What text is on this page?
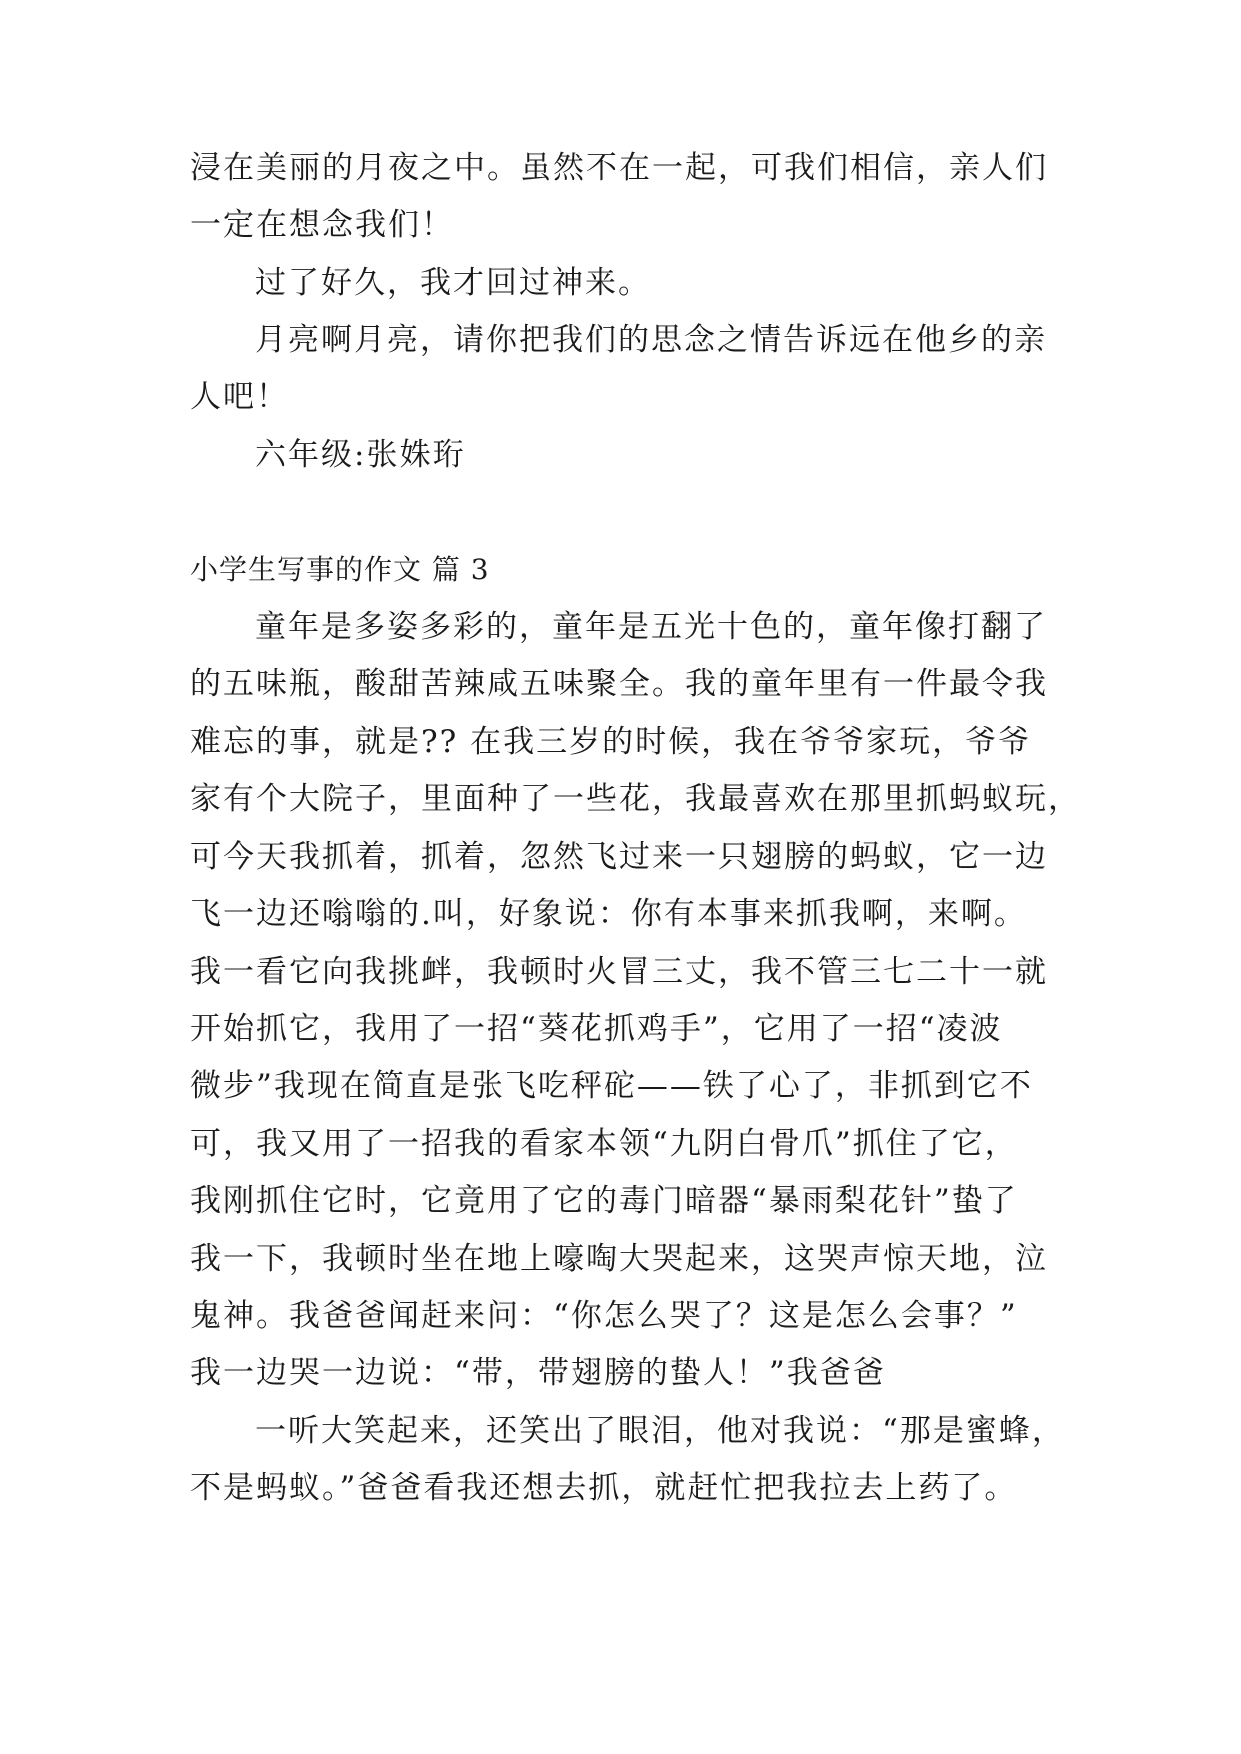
浸在美丽的月夜之中。虽然不在一起，可我们相信，亲人们

一定在想念我们！

过了好久，我才回过神来。

月亮啊月亮，请你把我们的思念之情告诉远在他乡的亲

人吧！

六年级:张姝珩

小学生写事的作文 篇 3

童年是多姿多彩的，童年是五光十色的，童年像打翻了

的五味瓶，酸甜苦辣咸五味聚全。我的童年里有一件最令我

难忘的事，就是?? 在我三岁的时候，我在爷爷家玩，爷爷

家有个大院子，里面种了一些花，我最喜欢在那里抓蚂蚁玩，

可今天我抓着，抓着，忽然飞过来一只翅膀的蚂蚁，它一边

飞一边还嗡嗡的.叫，好象说：你有本事来抓我啊，来啊。

我一看它向我挑衅，我顿时火冒三丈，我不管三七二十一就

开始抓它，我用了一招“葵花抓鸡手”，它用了一招“凌波

微步”我现在简直是张飞吃秤砣——铁了心了，非抓到它不

可，我又用了一招我的看家本领“九阴白骨爪”抓住了它，

我刚抓住它时，它竟用了它的毒门暗器“暴雨梨花针”蛰了

我一下，我顿时坐在地上嚎啕大哭起来，这哭声惊天地，泣

鬼神。我爸爸闻赶来问：“你怎么哭了？这是怎么会事？”

我一边哭一边说：“带，带翅膀的蛰人！”我爸爸

一听大笑起来，还笑出了眼泪，他对我说：“那是蜜蜂，

不是蚂蚁。”爸爸看我还想去抓，就赶忙把我拉去上药了。
